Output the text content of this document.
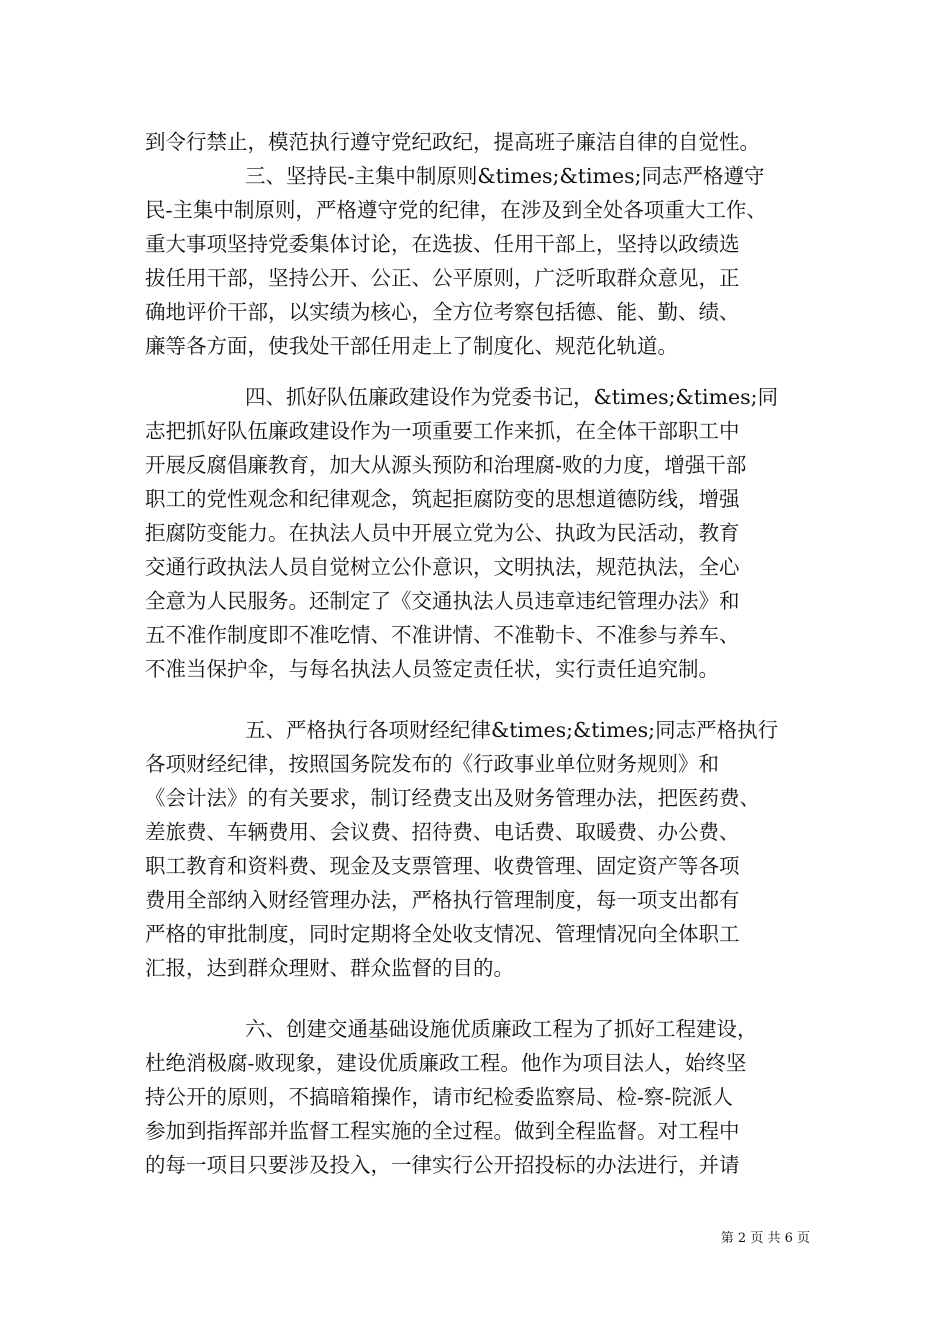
到令行禁止，模范执行遵守党纪政纪，提高班子廉洁自律的自觉性。
三、坚持民-主集中制原则&times;&times;同志严格遵守
民-主集中制原则，严格遵守党的纪律，在涉及到全处各项重大工作、
重大事项坚持党委集体讨论，在选拔、任用干部上，坚持以政绩选
拔任用干部，坚持公开、公正、公平原则，广泛听取群众意见，正
确地评价干部，以实绩为核心，全方位考察包括德、能、勤、绩、
廉等各方面，使我处干部任用走上了制度化、规范化轨道。
四、抓好队伍廉政建设作为党委书记，&times;&times;同
志把抓好队伍廉政建设作为一项重要工作来抓，在全体干部职工中
开展反腐倡廉教育，加大从源头预防和治理腐-败的力度，增强干部
职工的党性观念和纪律观念，筑起拒腐防变的思想道德防线，增强
拒腐防变能力。在执法人员中开展立党为公、执政为民活动，教育
交通行政执法人员自觉树立公仆意识，文明执法，规范执法，全心
全意为人民服务。还制定了《交通执法人员违章违纪管理办法》和
五不准作制度即不准吃情、不准讲情、不准勒卡、不准参与养车、
不准当保护伞，与每名执法人员签定责任状，实行责任追究制。
五、严格执行各项财经纪律&times;&times;同志严格执行
各项财经纪律，按照国务院发布的《行政事业单位财务规则》和
《会计法》的有关要求，制订经费支出及财务管理办法，把医药费、
差旅费、车辆费用、会议费、招待费、电话费、取暖费、办公费、
职工教育和资料费、现金及支票管理、收费管理、固定资产等各项
费用全部纳入财经管理办法，严格执行管理制度，每一项支出都有
严格的审批制度，同时定期将全处收支情况、管理情况向全体职工
汇报，达到群众理财、群众监督的目的。
六、创建交通基础设施优质廉政工程为了抓好工程建设，
杜绝消极腐-败现象，建设优质廉政工程。他作为项目法人，始终坚
持公开的原则，不搞暗箱操作，请市纪检委监察局、检-察-院派人
参加到指挥部并监督工程实施的全过程。做到全程监督。对工程中
的每一项目只要涉及投入，一律实行公开招投标的办法进行，并请
第 2 页 共 6 页
